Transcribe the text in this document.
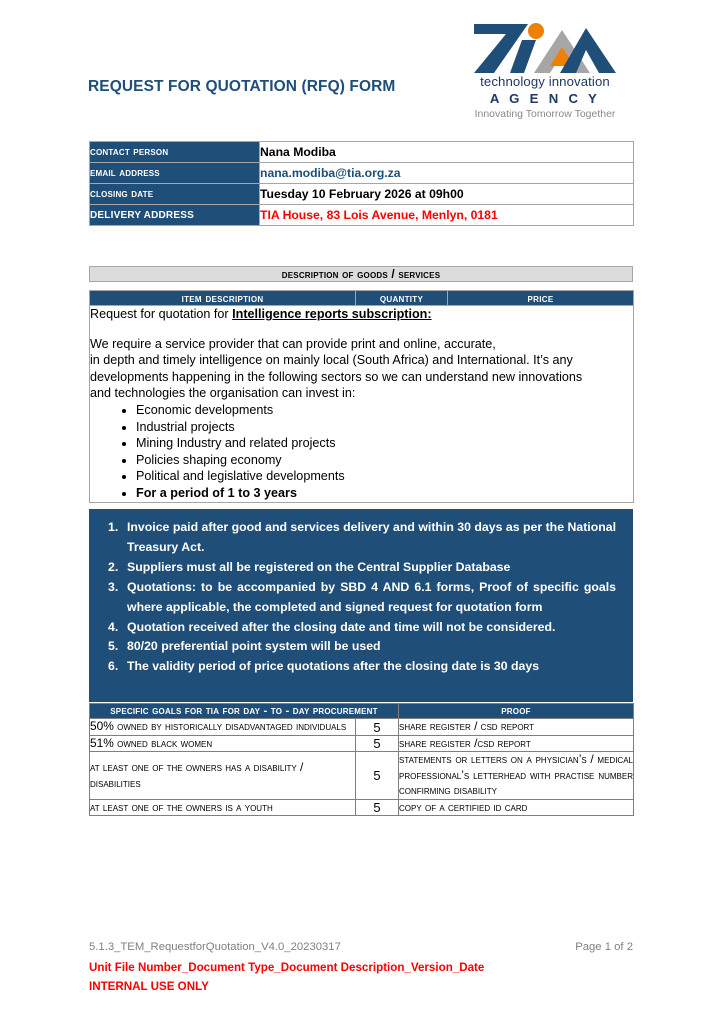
REQUEST FOR QUOTATION (RFQ) FORM	technology innovation
A G E N C Y
Innovating Tomorrow Together
contact person	Nana Modiba
email address	nana.modiba@tia.org.za
closing date	Tuesday 10 February 2026 at 09h00
DELIVERY ADDRESS	TIA House, 83 Lois Avenue, Menlyn, 0181
description of goods / services
item description	quantity	price

Request for quotation for Intelligence reports subscription:

We require a service provider that can provide print and online, accurate,

in depth and timely intelligence on mainly local (South Africa) and International. It’s any

developments happening in the following sectors so we can understand new innovations

and technologies the organisation can invest in:

• Economic developments
• Industrial projects
• Mining Industry and related projects
• Policies shaping economy
• Political and legislative developments
• For a period of 1 to 3 years
Invoice paid after good and services delivery and within 30 days as per the National Treasury Act.
Suppliers must all be registered on the Central Supplier Database
Quotations: to be accompanied by SBD 4 AND 6.1 forms, Proof of specific goals where applicable, the completed and signed request for quotation form
Quotation received after the closing date and time will not be considered.
80/20 preferential point system will be used
The validity period of price quotations after the closing date is 30 days
specific goals for tia for day - to - day procurement		proof
50% owned by historically disadvantaged individuals	5	share register / csd report
51% owned black women	5	share register /csd report
at least one of the owners has a disability / disabilities	5	statements or letters on a physician’s / medical professional’s letterhead with practise number confirming disability
at least one of the owners is a youth	5	copy of a certified id card
5.1.3_TEM_RequestforQuotation_V4.0_20230317	Page 1 of 2
Unit File Number_Document Type_Document Description_Version_Date
INTERNAL USE ONLY
